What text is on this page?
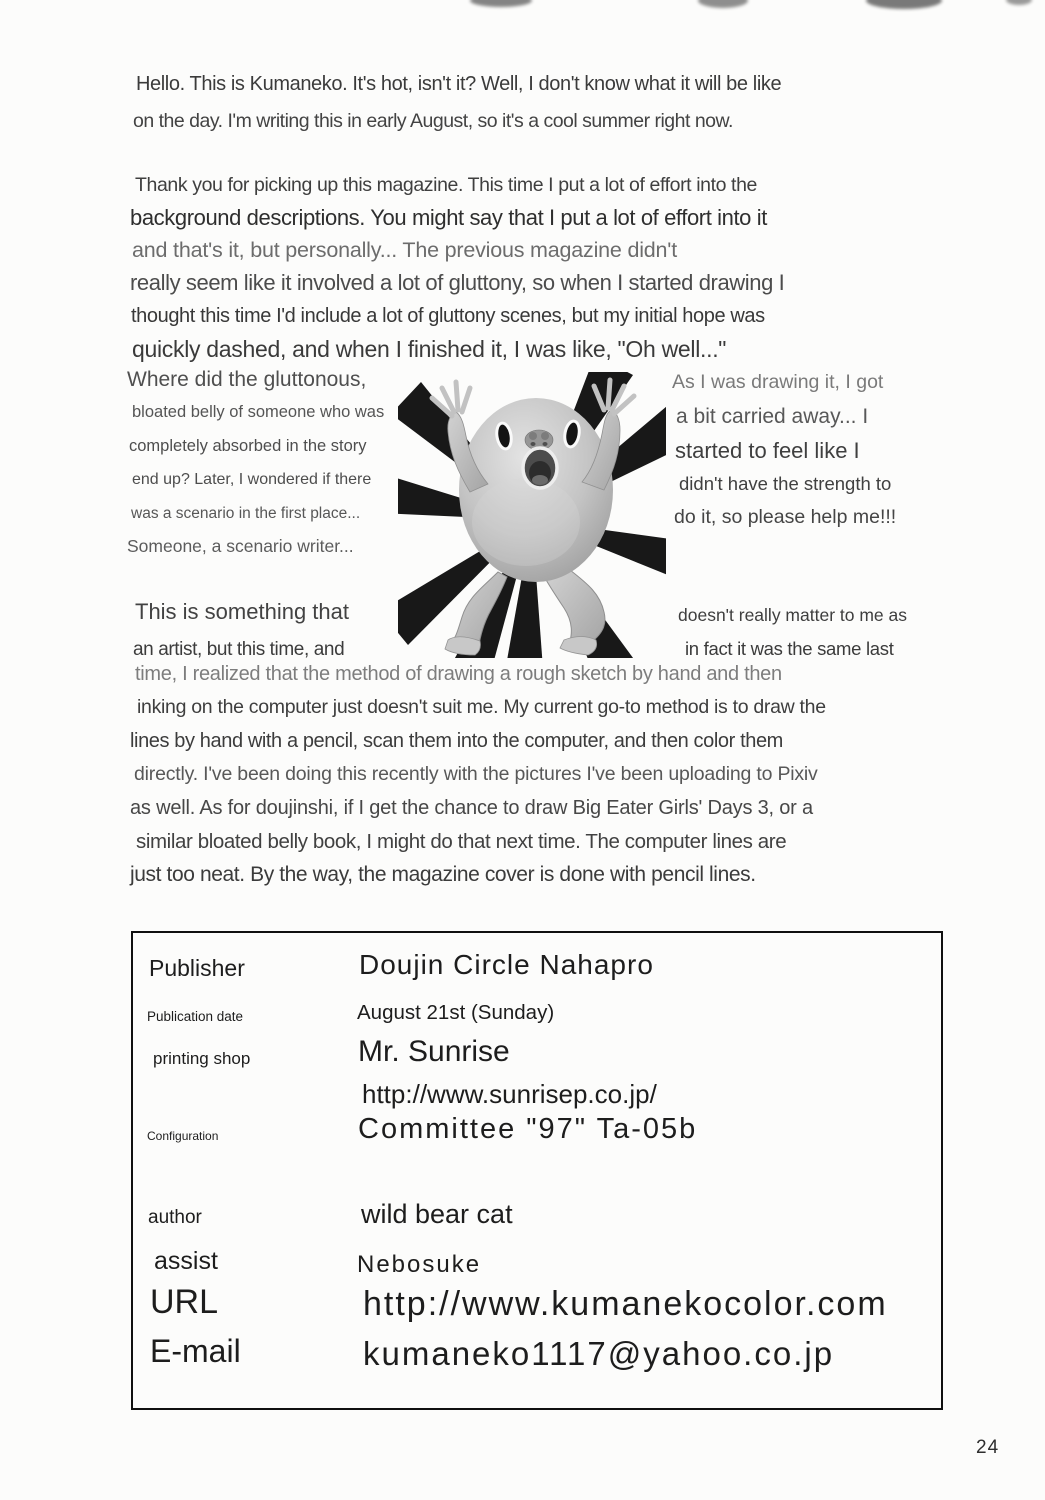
Hello. This is Kumaneko. It's hot, isn't it? Well, I don't know what it will be like

on the day. I'm writing this in early August, so it's a cool summer right now.

Thank you for picking up this magazine. This time I put a lot of effort into the

background descriptions. You might say that I put a lot of effort into it

and that's it, but personally... The previous magazine didn't

really seem like it involved a lot of gluttony, so when I started drawing I

thought this time I'd include a lot of gluttony scenes, but my initial hope was

quickly dashed, and when I finished it, I was like, "Oh well..."

Where did the gluttonous,

bloated belly of someone who was

completely absorbed in the story

end up? Later, I wondered if there

was a scenario in the first place...

Someone, a scenario writer...

As I was drawing it, I got

a bit carried away... I

started to feel like I

didn't have the strength to

do it, so please help me!!!

This is something that

an artist, but this time, and

doesn't really matter to me as

in fact it was the same last

time, I realized that the method of drawing a rough sketch by hand and then

inking on the computer just doesn't suit me. My current go-to method is to draw the

lines by hand with a pencil, scan them into the computer, and then color them

directly. I've been doing this recently with the pictures I've been uploading to Pixiv

as well. As for doujinshi, if I get the chance to draw Big Eater Girls' Days 3, or a

similar bloated belly book, I might do that next time. The computer lines are

just too neat. By the way, the magazine cover is done with pencil lines.

Publisher	Doujin Circle Nahapro
Publication date	August 21st (Sunday)
printing shop	Mr. Sunrise
http://www.sunrisep.co.jp/
Configuration	Committee "97" Ta-05b
author	wild bear cat
assist	Nebosuke
URL	http://www.kumanekocolor.com
E-mail	kumaneko1117@yahoo.co.jp
24
